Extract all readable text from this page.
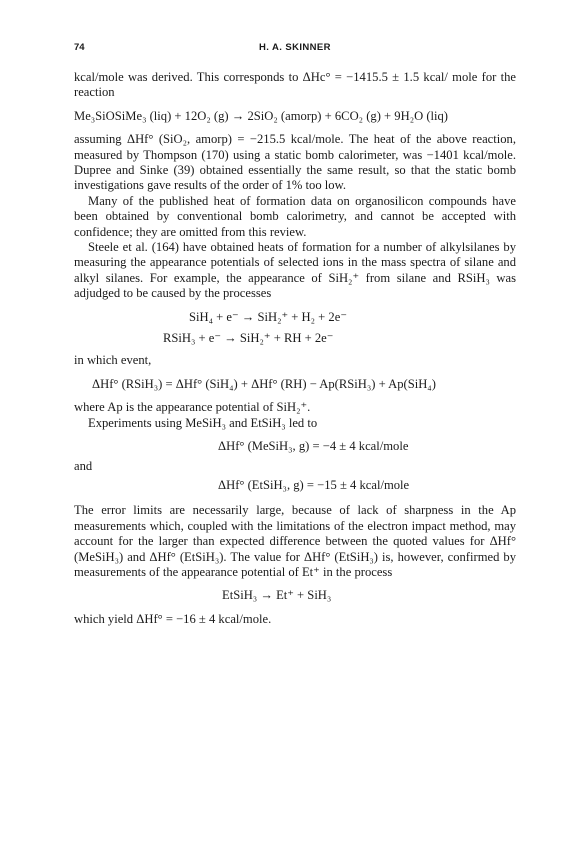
74	H. A. SKINNER

kcal/mole was derived. This corresponds to ΔHc° = −1415.5 ± 1.5 kcal/ mole for the reaction

Me₃SiOSiMe₃ (liq) + 12O₂ (g) → 2SiO₂ (amorp) + 6CO₂ (g) + 9H₂O (liq)

assuming ΔHf° (SiO₂, amorp) = −215.5 kcal/mole. The heat of the above reaction, measured by Thompson (170) using a static bomb calorimeter, was −1401 kcal/mole. Dupree and Sinke (39) obtained essentially the same result, so that the static bomb investigations gave results of the order of 1% too low.

Many of the published heat of formation data on organosilicon compounds have been obtained by conventional bomb calorimetry, and cannot be accepted with confidence; they are omitted from this review.

Steele et al. (164) have obtained heats of formation for a number of alkylsilanes by measuring the appearance potentials of selected ions in the mass spectra of silane and alkyl silanes. For example, the appearance of SiH₂⁺ from silane and RSiH₃ was adjudged to be caused by the processes

SiH₄ + e⁻ → SiH₂⁺ + H₂ + 2e⁻

RSiH₃ + e⁻ → SiH₂⁺ + RH + 2e⁻

in which event,

ΔHf° (RSiH₃) = ΔHf° (SiH₄) + ΔHf° (RH) − Ap(RSiH₃) + Ap(SiH₄)

where Ap is the appearance potential of SiH₂⁺.

Experiments using MeSiH₃ and EtSiH₃ led to

ΔHf° (MeSiH₃, g) = −4 ± 4 kcal/mole

and

ΔHf° (EtSiH₃, g) = −15 ± 4 kcal/mole

The error limits are necessarily large, because of lack of sharpness in the Ap measurements which, coupled with the limitations of the electron impact method, may account for the larger than expected difference between the quoted values for ΔHf° (MeSiH₃) and ΔHf° (EtSiH₃). The value for ΔHf° (EtSiH₃) is, however, confirmed by measurements of the appearance potential of Et⁺ in the process

EtSiH₃ → Et⁺ + SiH₃

which yield ΔHf° = −16 ± 4 kcal/mole.
